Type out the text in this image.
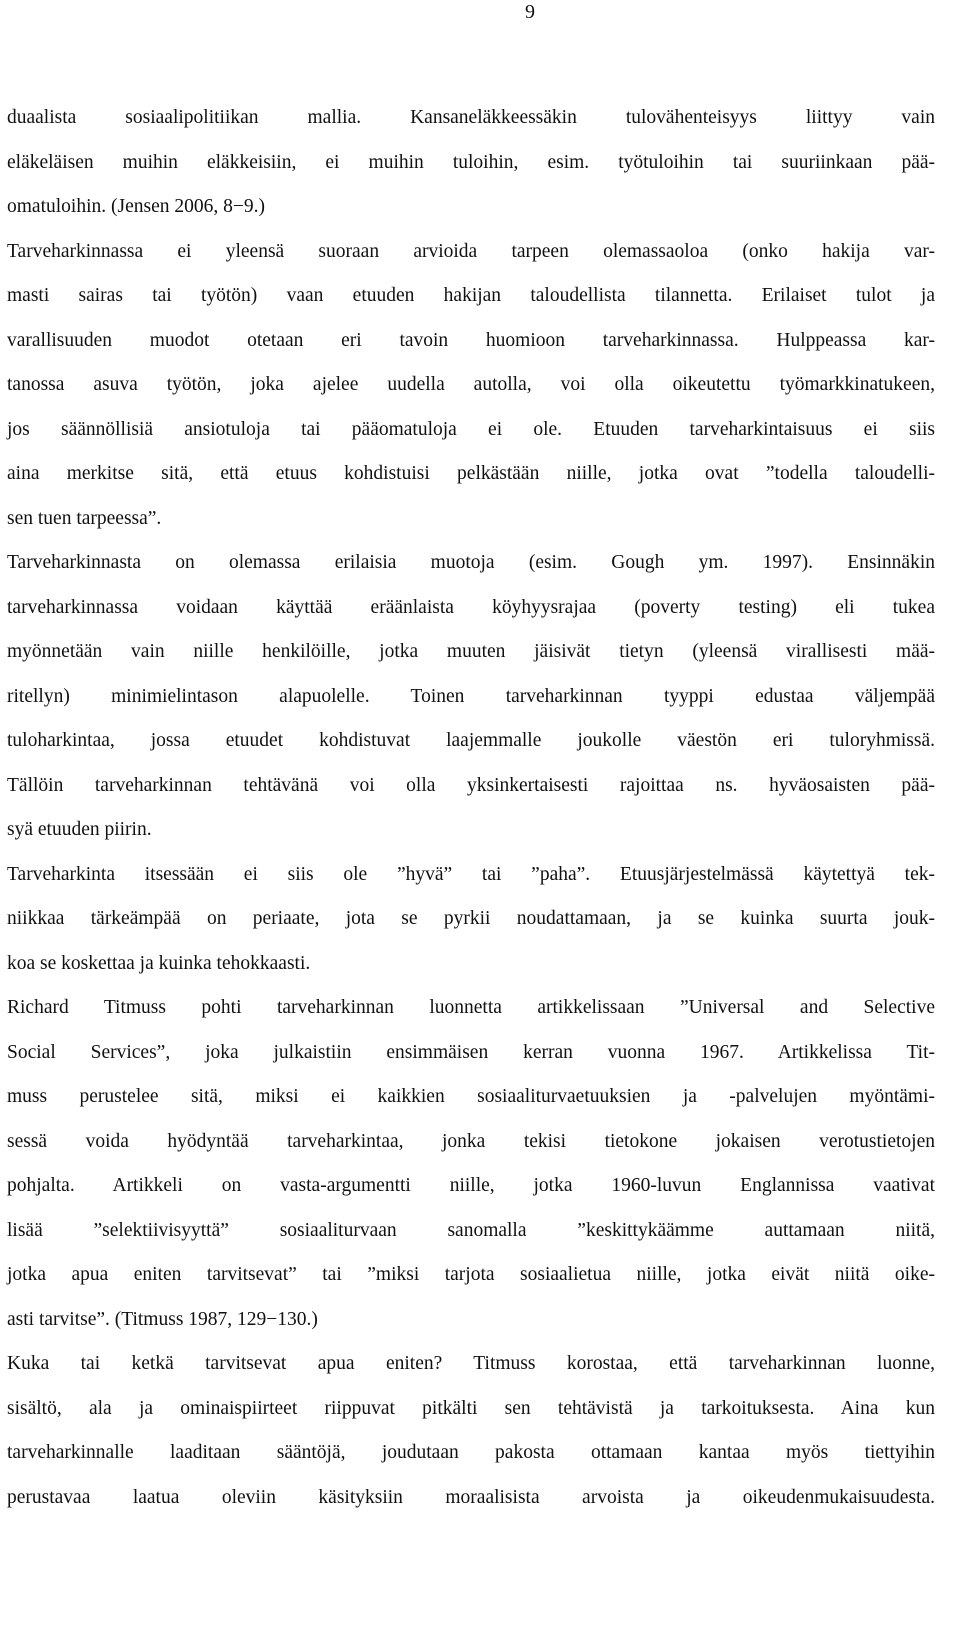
9
duaalista sosiaalipolitiikan mallia. Kansaneläkkeessäkin tulovähenteisyys liittyy vain
eläkeläisen muihin eläkkeisiin, ei muihin tuloihin, esim. työtuloihin tai suuriinkaan pää-
omatuloihin. (Jensen 2006, 8−9.)
Tarveharkinnassa ei yleensä suoraan arvioida tarpeen olemassaoloa (onko hakija var-
masti sairas tai työtön) vaan etuuden hakijan taloudellista tilannetta. Erilaiset tulot ja
varallisuuden muodot otetaan eri tavoin huomioon tarveharkinnassa. Hulppeassa kar-
tanossa asuva työtön, joka ajelee uudella autolla, voi olla oikeutettu työmarkkinatukeen,
jos säännöllisiä ansiotuloja tai pääomatuloja ei ole. Etuuden tarveharkintaisuus ei siis
aina merkitse sitä, että etuus kohdistuisi pelkästään niille, jotka ovat ”todella taloudelli-
sen tuen tarpeessa”.
Tarveharkinnasta on olemassa erilaisia muotoja (esim. Gough ym. 1997). Ensinnäkin
tarveharkinnassa voidaan käyttää eräänlaista köyhyysrajaa (poverty testing) eli tukea
myönnetään vain niille henkilöille, jotka muuten jäisivät tietyn (yleensä virallisesti mää-
ritellyn) minimielintason alapuolelle. Toinen tarveharkinnan tyyppi edustaa väljempää
tuloharkintaa, jossa etuudet kohdistuvat laajemmalle joukolle väestön eri tuloryhmissä.
Tällöin tarveharkinnan tehtävänä voi olla yksinkertaisesti rajoittaa ns. hyväosaisten pää-
syä etuuden piirin.
Tarveharkinta itsessään ei siis ole ”hyvä” tai ”paha”. Etuusjärjestelmässä käytettyä tek-
niikkaa tärkeämpää on periaate, jota se pyrkii noudattamaan, ja se kuinka suurta jouk-
koa se koskettaa ja kuinka tehokkaasti.
Richard Titmuss pohti tarveharkinnan luonnetta artikkelissaan ”Universal and Selective
Social Services”, joka julkaistiin ensimmäisen kerran vuonna 1967. Artikkelissa Tit-
muss perustelee sitä, miksi ei kaikkien sosiaaliturvaetuuksien ja -palvelujen myöntämi-
sessä voida hyödyntää tarveharkintaa, jonka tekisi tietokone jokaisen verotustietojen
pohjalta. Artikkeli on vasta-argumentti niille, jotka 1960-luvun Englannissa vaativat
lisää ”selektiivisyyttä” sosiaaliturvaan sanomalla ”keskittykäämme auttamaan niitä,
jotka apua eniten tarvitsevat” tai ”miksi tarjota sosiaalietua niille, jotka eivät niitä oike-
asti tarvitse”. (Titmuss 1987, 129−130.)
Kuka tai ketkä tarvitsevat apua eniten? Titmuss korostaa, että tarveharkinnan luonne,
sisältö, ala ja ominaispiirteet riippuvat pitkälti sen tehtävistä ja tarkoituksesta. Aina kun
tarveharkinnalle laaditaan sääntöjä, joudutaan pakosta ottamaan kantaa myös tiettyihin
perustavaa laatua oleviin käsityksiin moraalisista arvoista ja oikeudenmukaisuudesta.
